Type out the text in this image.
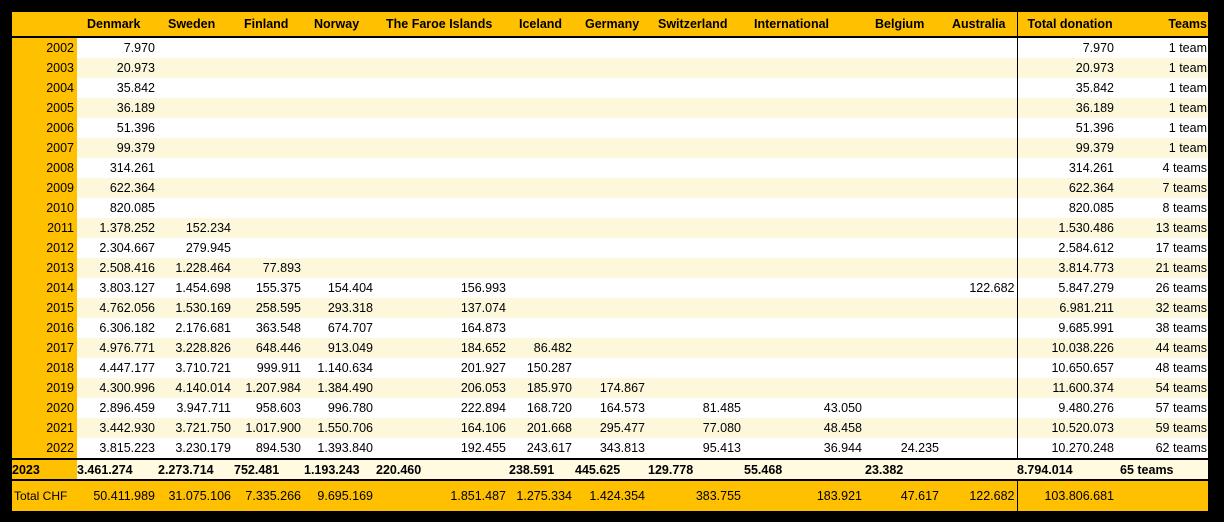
	Denmark	Sweden	Finland	Norway	The Faroe Islands	Iceland	Germany	Switzerland	International	Belgium	Australia	Total donation	Teams
2002	7.970											7.970	1 team
2003	20.973											20.973	1 team
2004	35.842											35.842	1 team
2005	36.189											36.189	1 team
2006	51.396											51.396	1 team
2007	99.379											99.379	1 team
2008	314.261											314.261	4 teams
2009	622.364											622.364	7 teams
2010	820.085											820.085	8 teams
2011	1.378.252	152.234										1.530.486	13 teams
2012	2.304.667	279.945										2.584.612	17 teams
2013	2.508.416	1.228.464	77.893									3.814.773	21 teams
2014	3.803.127	1.454.698	155.375	154.404	156.993						122.682	5.847.279	26 teams
2015	4.762.056	1.530.169	258.595	293.318	137.074							6.981.211	32 teams
2016	6.306.182	2.176.681	363.548	674.707	164.873							9.685.991	38 teams
2017	4.976.771	3.228.826	648.446	913.049	184.652	86.482						10.038.226	44 teams
2018	4.447.177	3.710.721	999.911	1.140.634	201.927	150.287						10.650.657	48 teams
2019	4.300.996	4.140.014	1.207.984	1.384.490	206.053	185.970	174.867					11.600.374	54 teams
2020	2.896.459	3.947.711	958.603	996.780	222.894	168.720	164.573	81.485	43.050			9.480.276	57 teams
2021	3.442.930	3.721.750	1.017.900	1.550.706	164.106	201.668	295.477	77.080	48.458			10.520.073	59 teams
2022	3.815.223	3.230.179	894.530	1.393.840	192.455	243.617	343.813	95.413	36.944	24.235		10.270.248	62 teams
2023	3.461.274	2.273.714	752.481	1.193.243	220.460	238.591	445.625	129.778	55.468	23.382		8.794.014	65 teams
Total CHF	50.411.989	31.075.106	7.335.266	9.695.169	1.851.487	1.275.334	1.424.354	383.755	183.921	47.617	122.682	103.806.681	
